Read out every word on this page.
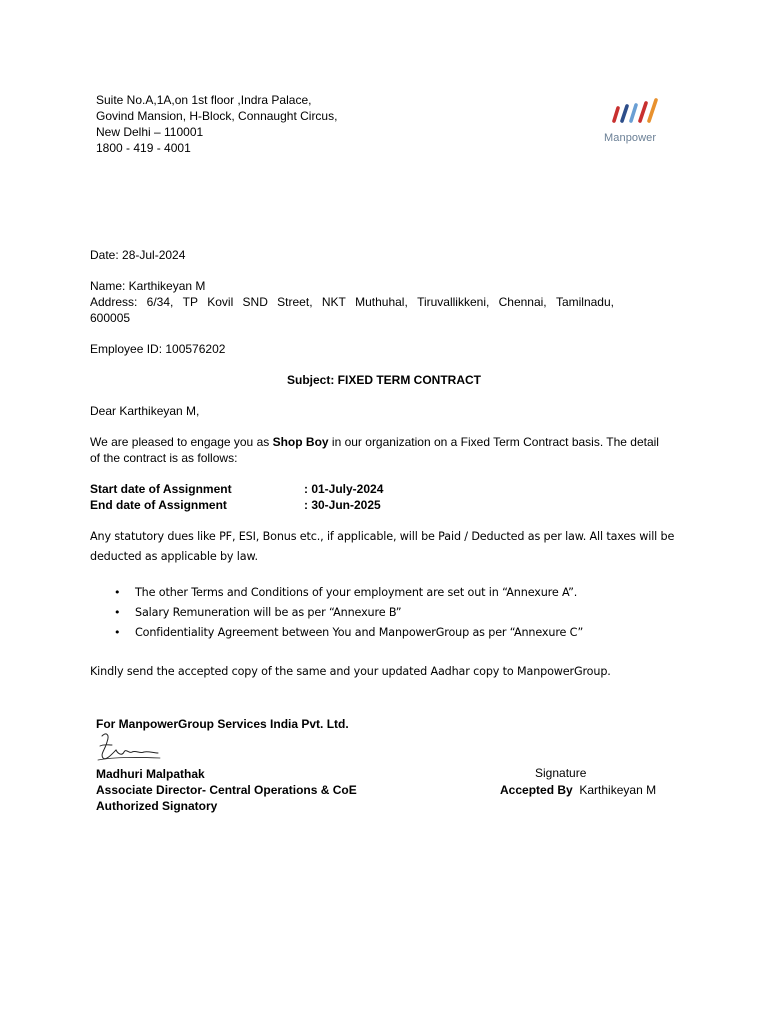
Suite No.A,1A,on 1st floor ,Indra Palace,
Govind Mansion, H-Block, Connaught Circus,
New Delhi – 110001
1800 - 419 - 4001
Manpower
Date: 28-Jul-2024
Name: Karthikeyan M
Address: 6/34, TP Kovil SND Street, NKT Muthuhal, Tiruvallikkeni, Chennai, Tamilnadu,
600005
Employee ID: 100576202
Subject: FIXED TERM CONTRACT
Dear Karthikeyan M,
We are pleased to engage you as Shop Boy in our organization on a Fixed Term Contract basis. The detail of the contract is as follows:
Start date of Assignment	: 01-July-2024
End date of Assignment	: 30-Jun-2025
Any statutory dues like PF, ESI, Bonus etc., if applicable, will be Paid / Deducted as per law. All taxes will be deducted as applicable by law.
• The other Terms and Conditions of your employment are set out in “Annexure A”.
• Salary Remuneration will be as per “Annexure B”
• Confidentiality Agreement between You and ManpowerGroup as per “Annexure C”
Kindly send the accepted copy of the same and your updated Aadhar copy to ManpowerGroup.
For ManpowerGroup Services India Pvt. Ltd.
Madhuri Malpathak
Associate Director- Central Operations & CoE
Authorized Signatory
Signature
Accepted By Karthikeyan M
